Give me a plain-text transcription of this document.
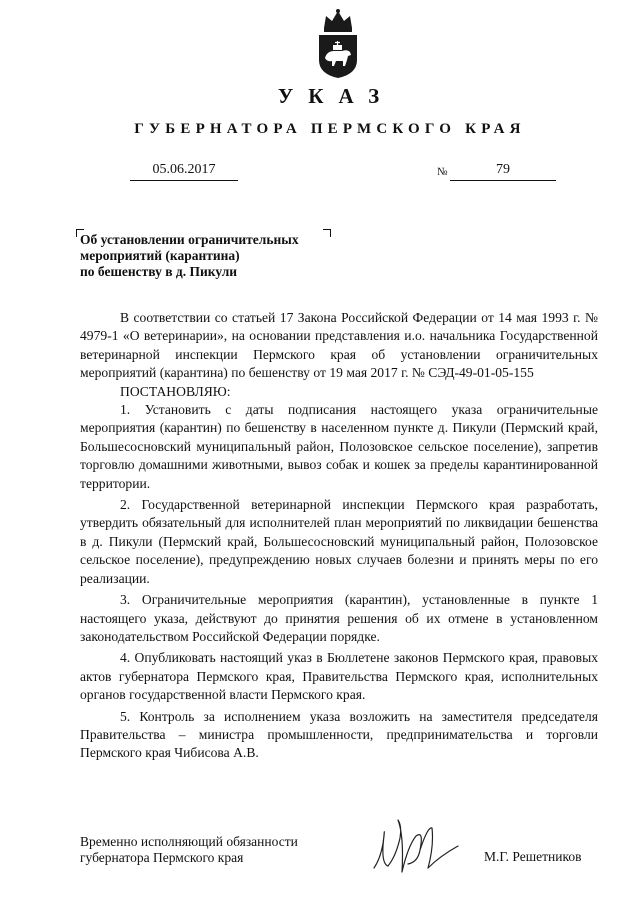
УКАЗ
ГУБЕРНАТОРА ПЕРМСКОГО КРАЯ
05.06.2017	№	79
Об установлении ограничительных
мероприятий (карантина)
по бешенству в д. Пикули

В соответствии со статьей 17 Закона Российской Федерации от 14 мая 1993 г. № 4979-1 «О ветеринарии», на основании представления и.о. начальника Государственной ветеринарной инспекции Пермского края об установлении ограничительных мероприятий (карантина) по бешенству от 19 мая 2017 г. № СЭД-49-01-05-155

ПОСТАНОВЛЯЮ:

1. Установить с даты подписания настоящего указа ограничительные мероприятия (карантин) по бешенству в населенном пункте д. Пикули (Пермский край, Большесосновский муниципальный район, Полозовское сельское поселение), запретив торговлю домашними животными, вывоз собак и кошек за пределы карантинированной территории.

2. Государственной ветеринарной инспекции Пермского края разработать, утвердить обязательный для исполнителей план мероприятий по ликвидации бешенства в д. Пикули (Пермский край, Большесосновский муниципальный район, Полозовское сельское поселение), предупреждению новых случаев болезни и принять меры по его реализации.

3. Ограничительные мероприятия (карантин), установленные в пункте 1 настоящего указа, действуют до принятия решения об их отмене в установленном законодательством Российской Федерации порядке.

4. Опубликовать настоящий указ в Бюллетене законов Пермского края, правовых актов губернатора Пермского края, Правительства Пермского края, исполнительных органов государственной власти Пермского края.

5. Контроль за исполнением указа возложить на заместителя председателя Правительства – министра промышленности, предпринимательства и торговли Пермского края Чибисова А.В.

Временно исполняющий обязанности
губернатора Пермского края	М.Г. Решетников
